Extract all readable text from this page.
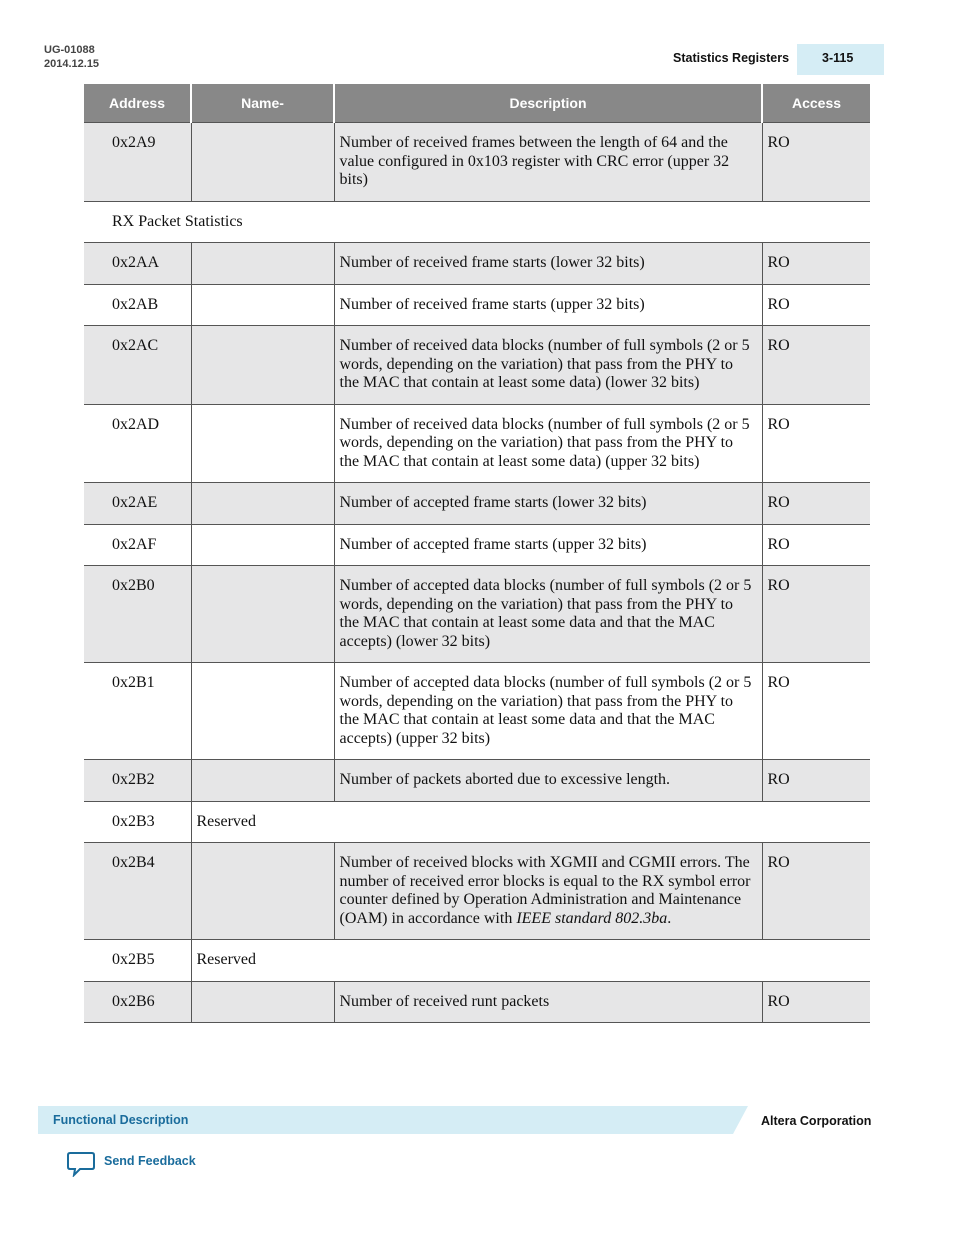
UG-01088
2014.12.15	Statistics Registers	3-115
Address	Name-	Description	Access
0x2A9		Number of received frames between the length of 64 and the value configured in 0x103 register with CRC error (upper 32 bits)	RO
RX Packet Statistics			
0x2AA		Number of received frame starts (lower 32 bits)	RO
0x2AB		Number of received frame starts (upper 32 bits)	RO
0x2AC		Number of received data blocks (number of full symbols (2 or 5 words, depending on the variation) that pass from the PHY to the MAC that contain at least some data) (lower 32 bits)	RO
0x2AD		Number of received data blocks (number of full symbols (2 or 5 words, depending on the variation) that pass from the PHY to the MAC that contain at least some data) (upper 32 bits)	RO
0x2AE		Number of accepted frame starts (lower 32 bits)	RO
0x2AF		Number of accepted frame starts (upper 32 bits)	RO
0x2B0		Number of accepted data blocks (number of full symbols (2 or 5 words, depending on the variation) that pass from the PHY to the MAC that contain at least some data and that the MAC accepts) (lower 32 bits)	RO
0x2B1		Number of accepted data blocks (number of full symbols (2 or 5 words, depending on the variation) that pass from the PHY to the MAC that contain at least some data and that the MAC accepts) (upper 32 bits)	RO
0x2B2		Number of packets aborted due to excessive length.	RO
0x2B3	Reserved		
0x2B4		Number of received blocks with XGMII and CGMII errors. The number of received error blocks is equal to the RX symbol error counter defined by Operation Administration and Maintenance (OAM) in accordance with IEEE standard 802.3ba.	RO
0x2B5	Reserved		
0x2B6		Number of received runt packets	RO
Functional Description	Altera Corporation
Send Feedback
